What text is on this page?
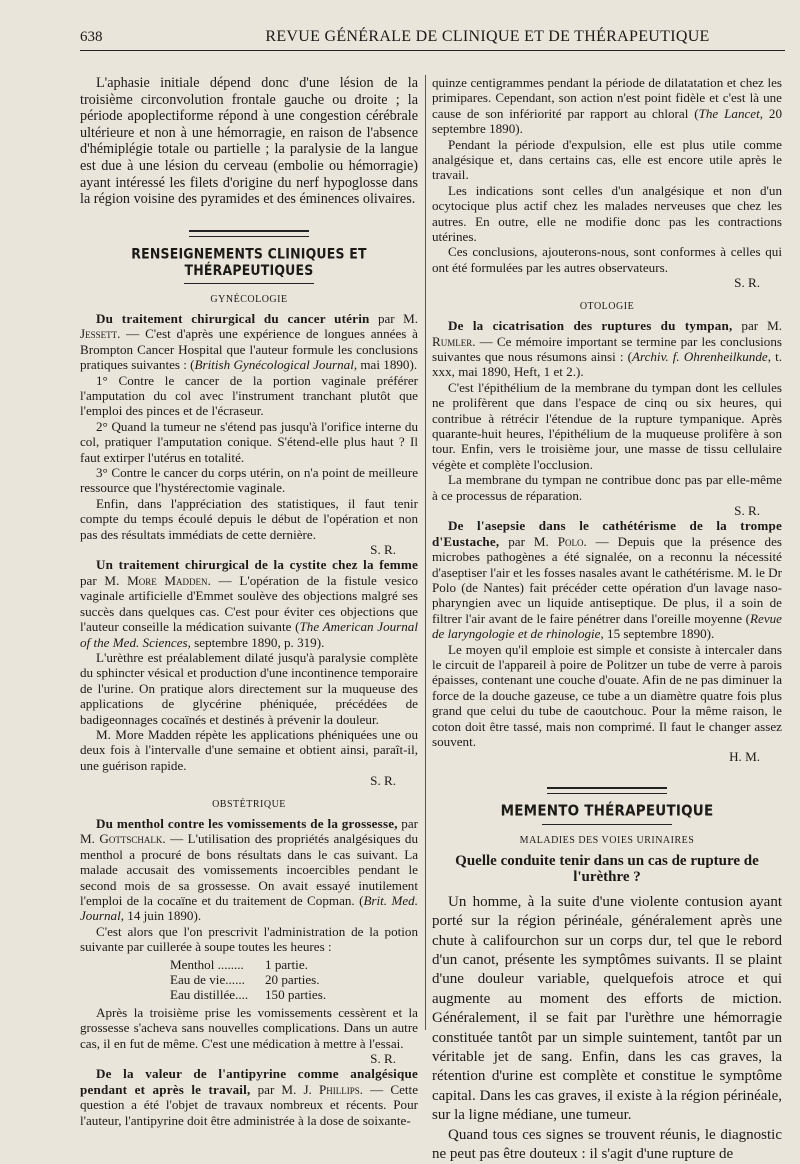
638	REVUE GÉNÉRALE DE CLINIQUE ET DE THÉRAPEUTIQUE

L'aphasie initiale dépend donc d'une lésion de la troisième circonvolution frontale gauche ou droite ; la période apoplectiforme répond à une congestion cérébrale ultérieure et non à une hémorragie, en raison de l'absence d'hémiplégie totale ou partielle ; la paralysie de la langue est due à une lésion du cerveau (embolie ou hémorragie) ayant intéressé les filets d'origine du nerf hypoglosse dans la région voisine des pyramides et des éminences olivaires.

RENSEIGNEMENTS CLINIQUES ET THÉRAPEUTIQUES
GYNÉCOLOGIE

Du traitement chirurgical du cancer utérin par M. Jessett. — C'est d'après une expérience de longues années à Brompton Cancer Hospital que l'auteur formule les conclusions pratiques suivantes : (British Gynécological Journal, mai 1890).

1° Contre le cancer de la portion vaginale préférer l'amputation du col avec l'instrument tranchant plutôt que l'emploi des pinces et de l'écraseur.

2° Quand la tumeur ne s'étend pas jusqu'à l'orifice interne du col, pratiquer l'amputation conique. S'étend-elle plus haut ? Il faut extirper l'utérus en totalité.

3° Contre le cancer du corps utérin, on n'a point de meilleure ressource que l'hystérectomie vaginale.

Enfin, dans l'appréciation des statistiques, il faut tenir compte du temps écoulé depuis le début de l'opération et non pas des résultats immédiats de cette dernière.

S. R.

Un traitement chirurgical de la cystite chez la femme par M. More Madden. — L'opération de la fistule vesico vaginale artificielle d'Emmet soulève des objections malgré ses succès dans quelques cas. C'est pour éviter ces objections que l'auteur conseille la médication suivante (The American Journal of the Med. Sciences, septembre 1890, p. 319).

L'urèthre est préalablement dilaté jusqu'à paralysie complète du sphincter vésical et production d'une incontinence temporaire de l'urine. On pratique alors directement sur la muqueuse des applications de glycérine phéniquée, précédées de badigeonnages cocaïnés et destinés à prévenir la douleur.

M. More Madden répète les applications phéniquées une ou deux fois à l'intervalle d'une semaine et obtient ainsi, paraît-il, une guérison rapide.

S. R.

OBSTÉTRIQUE

Du menthol contre les vomissements de la grossesse, par M. Gottschalk. — L'utilisation des propriétés analgésiques du menthol a procuré de bons résultats dans le cas suivant. La malade accusait des vomissements incoercibles pendant le second mois de sa grossesse. On avait essayé inutilement l'emploi de la cocaïne et du traitement de Copman. (Brit. Med. Journal, 14 juin 1890).

C'est alors que l'on prescrivit l'administration de la potion suivante par cuillerée à soupe toutes les heures :

Menthol ........	1 partie.
Eau de vie......	20 parties.
Eau distillée....	150 parties.

Après la troisième prise les vomissements cessèrent et la grossesse s'acheva sans nouvelles complications. Dans un autre cas, il en fut de même. C'est une médication à mettre à l'essai.

S. R.

De la valeur de l'antipyrine comme analgésique pendant et après le travail, par M. J. Phillips. — Cette question a été l'objet de travaux nombreux et récents. Pour l'auteur, l'antipyrine doit être administrée à la dose de soixante-

quinze centigrammes pendant la période de dilatatation et chez les primipares. Cependant, son action n'est point fidèle et c'est là une cause de son infériorité par rapport au chloral (The Lancet, 20 septembre 1890).

Pendant la période d'expulsion, elle est plus utile comme analgésique et, dans certains cas, elle est encore utile après le travail.

Les indications sont celles d'un analgésique et non d'un ocytocique plus actif chez les malades nerveuses que chez les autres. En outre, elle ne modifie donc pas les contractions utérines.

Ces conclusions, ajouterons-nous, sont conformes à celles qui ont été formulées par les autres observateurs.

S. R.

OTOLOGIE

De la cicatrisation des ruptures du tympan, par M. Rumler. — Ce mémoire important se termine par les conclusions suivantes que nous résumons ainsi : (Archiv. f. Ohrenheilkunde, t. xxx, mai 1890, Heft, 1 et 2.).

C'est l'épithélium de la membrane du tympan dont les cellules ne prolifèrent que dans l'espace de cinq ou six heures, qui contribue à rétrécir l'étendue de la rupture tympanique. Après quarante-huit heures, l'épithélium de la muqueuse prolifère à son tour. Enfin, vers le troisième jour, une masse de tissu cellulaire végète et complète l'occlusion.

La membrane du tympan ne contribue donc pas par elle-même à ce processus de réparation.

S. R.

De l'asepsie dans le cathétérisme de la trompe d'Eustache, par M. Polo. — Depuis que la présence des microbes pathogènes a été signalée, on a reconnu la nécessité d'aseptiser l'air et les fosses nasales avant le cathétérisme. M. le Dr Polo (de Nantes) fait précéder cette opération d'un lavage naso-pharyngien avec un liquide antiseptique. De plus, il a soin de filtrer l'air avant de le faire pénétrer dans l'oreille moyenne (Revue de laryngologie et de rhinologie, 15 septembre 1890).

Le moyen qu'il emploie est simple et consiste à intercaler dans le circuit de l'appareil à poire de Politzer un tube de verre à parois épaisses, contenant une couche d'ouate. Afin de ne pas diminuer la force de la douche gazeuse, ce tube a un diamètre quatre fois plus grand que celui du tube de caoutchouc. Pour la même raison, le coton doit être tassé, mais non comprimé. Il faut le changer assez souvent.

H. M.

MEMENTO THÉRAPEUTIQUE
MALADIES DES VOIES URINAIRES
Quelle conduite tenir dans un cas de rupture de l'urèthre ?

Un homme, à la suite d'une violente contusion ayant porté sur la région périnéale, généralement après une chute à califourchon sur un corps dur, tel que le rebord d'un canot, présente les symptômes suivants. Il se plaint d'une douleur variable, quelquefois atroce et qui augmente au moment des efforts de miction. Généralement, il se fait par l'urèthre une hémorragie constituée tantôt par un simple suintement, tantôt par un véritable jet de sang. Enfin, dans les cas graves, la rétention d'urine est complète et constitue le symptôme capital. Dans les cas graves, il existe à la région périnéale, sur la ligne médiane, une tumeur.

Quand tous ces signes se trouvent réunis, le diagnostic ne peut pas être douteux : il s'agit d'une rupture de
